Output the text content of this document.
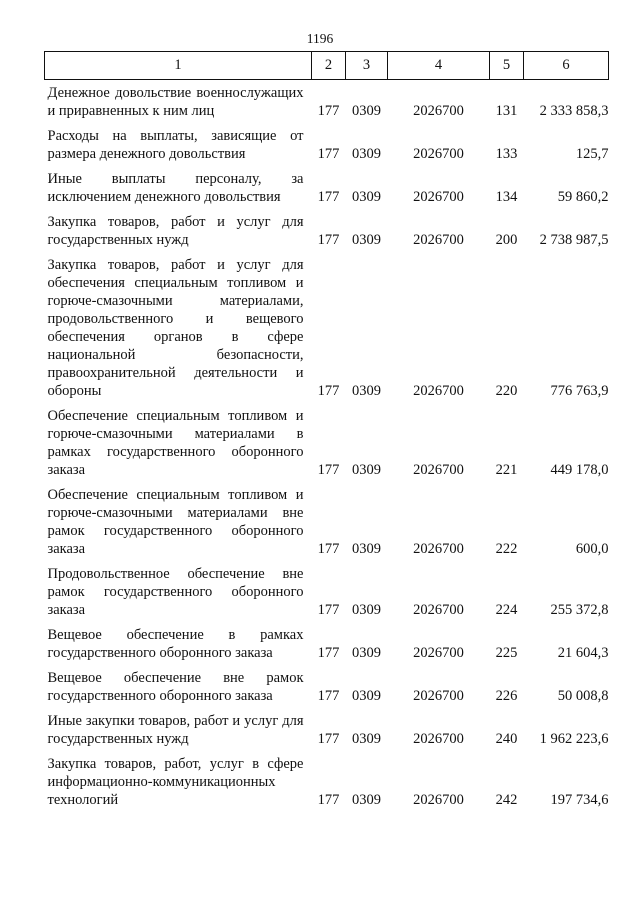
1196
1	2	3	4	5	6
Денежное довольствие военнослужащих и приравненных к ним лиц	177	0309	2026700	131	2 333 858,3
Расходы на выплаты, зависящие от размера денежного довольствия	177	0309	2026700	133	125,7
Иные выплаты персоналу, за исключением денежного довольствия	177	0309	2026700	134	59 860,2
Закупка товаров, работ и услуг для государственных нужд	177	0309	2026700	200	2 738 987,5
Закупка товаров, работ и услуг для обеспечения специальным топливом и горюче-смазочными материалами, продовольственного и вещевого обеспечения органов в сфере национальной безопасности, правоохранительной деятельности и обороны	177	0309	2026700	220	776 763,9
Обеспечение специальным топливом и горюче-смазочными материалами в рамках государственного оборонного заказа	177	0309	2026700	221	449 178,0
Обеспечение специальным топливом и горюче-смазочными материалами вне рамок государственного оборонного заказа	177	0309	2026700	222	600,0
Продовольственное обеспечение вне рамок государственного оборонного заказа	177	0309	2026700	224	255 372,8
Вещевое обеспечение в рамках государственного оборонного заказа	177	0309	2026700	225	21 604,3
Вещевое обеспечение вне рамок государственного оборонного заказа	177	0309	2026700	226	50 008,8
Иные закупки товаров, работ и услуг для государственных нужд	177	0309	2026700	240	1 962 223,6
Закупка товаров, работ, услуг в сфере информационно-коммуникационных технологий	177	0309	2026700	242	197 734,6
